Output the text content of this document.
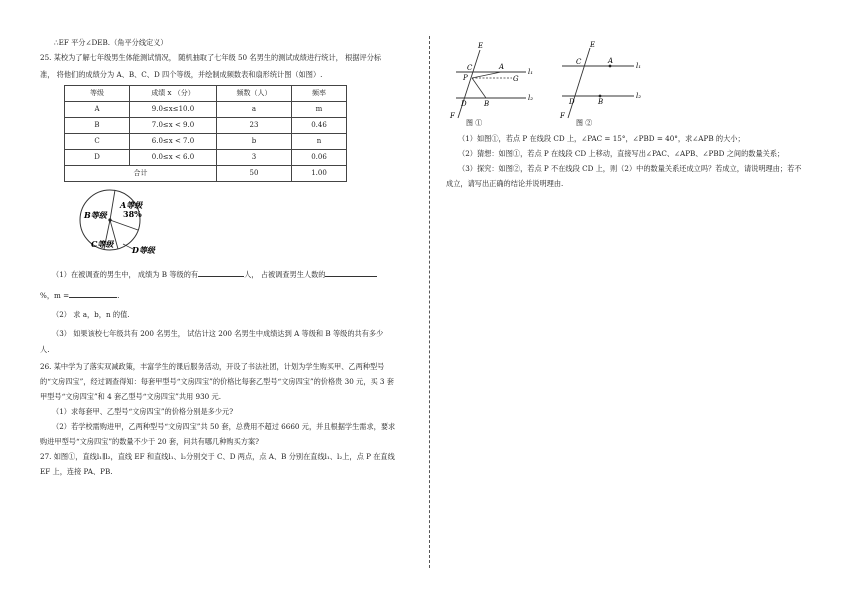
∴EF 平分∠DEB.（角平分线定义）

25. 某校为了解七年级男生体能测试情况， 随机抽取了七年级 50 名男生的测试成绩进行统计， 根据评分标

准， 将他们的成绩分为 A、B、C、D 四个等级，并绘制成频数表和扇形统计图（如图）.

等级	成绩 x （分）	频数（人）	频率
A	9.0≤x≤10.0	a	m
B	7.0≤x < 9.0	23	0.46
C	6.0≤x < 7.0	b	n
D	0.0≤x < 6.0	3	0.06
合计		50	1.00
A等级
38%
B等级
C等级
D等级

（1）在被调查的男生中， 成绩为 B 等级的有	人， 占被调查男生人数的

%，m =	.

（2） 求 a，b，n 的值.

（3） 如果该校七年级共有 200 名男生， 试估计这 200 名男生中成绩达到 A 等级和 B 等级的共有多少

人.

26. 某中学为了落实双减政策，丰富学生的课后服务活动，开设了书法社团，计划为学生购买甲、乙两种型号

的“文房四宝”，经过调查得知：每套甲型号“文房四宝”的价格比每套乙型号“文房四宝”的价格贵 30 元，买 3 套

甲型号“文房四宝”和 4 套乙型号“文房四宝”共用 930 元.

（1）求每套甲、乙型号“文房四宝”的价格分别是多少元?

（2）若学校需购进甲，乙两种型号“文房四宝”共 50 套，总费用不超过 6660 元，并且根据学生需求，要求

购进甲型号“文房四宝”的数量不少于 20 套，问共有哪几种购买方案?

27. 如图①，直线l₁∥l₂，直线 EF 和直线l₁、l₂分别交于 C、D 两点，点 A、B 分别在直线l₁、l₂上，点 P 在直线

EF 上，连接 PA、PB.

E
C	A
P	G
D B
F
l₁
l₂
图 ①
E
C	A
D	B
F
l₁
l₂
图 ②

（1）如图①，若点 P 在线段 CD 上，∠PAC = 15°，∠PBD = 40°，求∠APB 的大小；

（2）猜想：如图①，若点 P 在线段 CD 上移动，直接写出∠PAC、∠APB、∠PBD 之间的数量关系；

（3）探究：如图②，若点 P 不在线段 CD 上，则（2）中的数量关系还成立吗？若成立，请说明理由；若不

成立，请写出正确的结论并说明理由.
